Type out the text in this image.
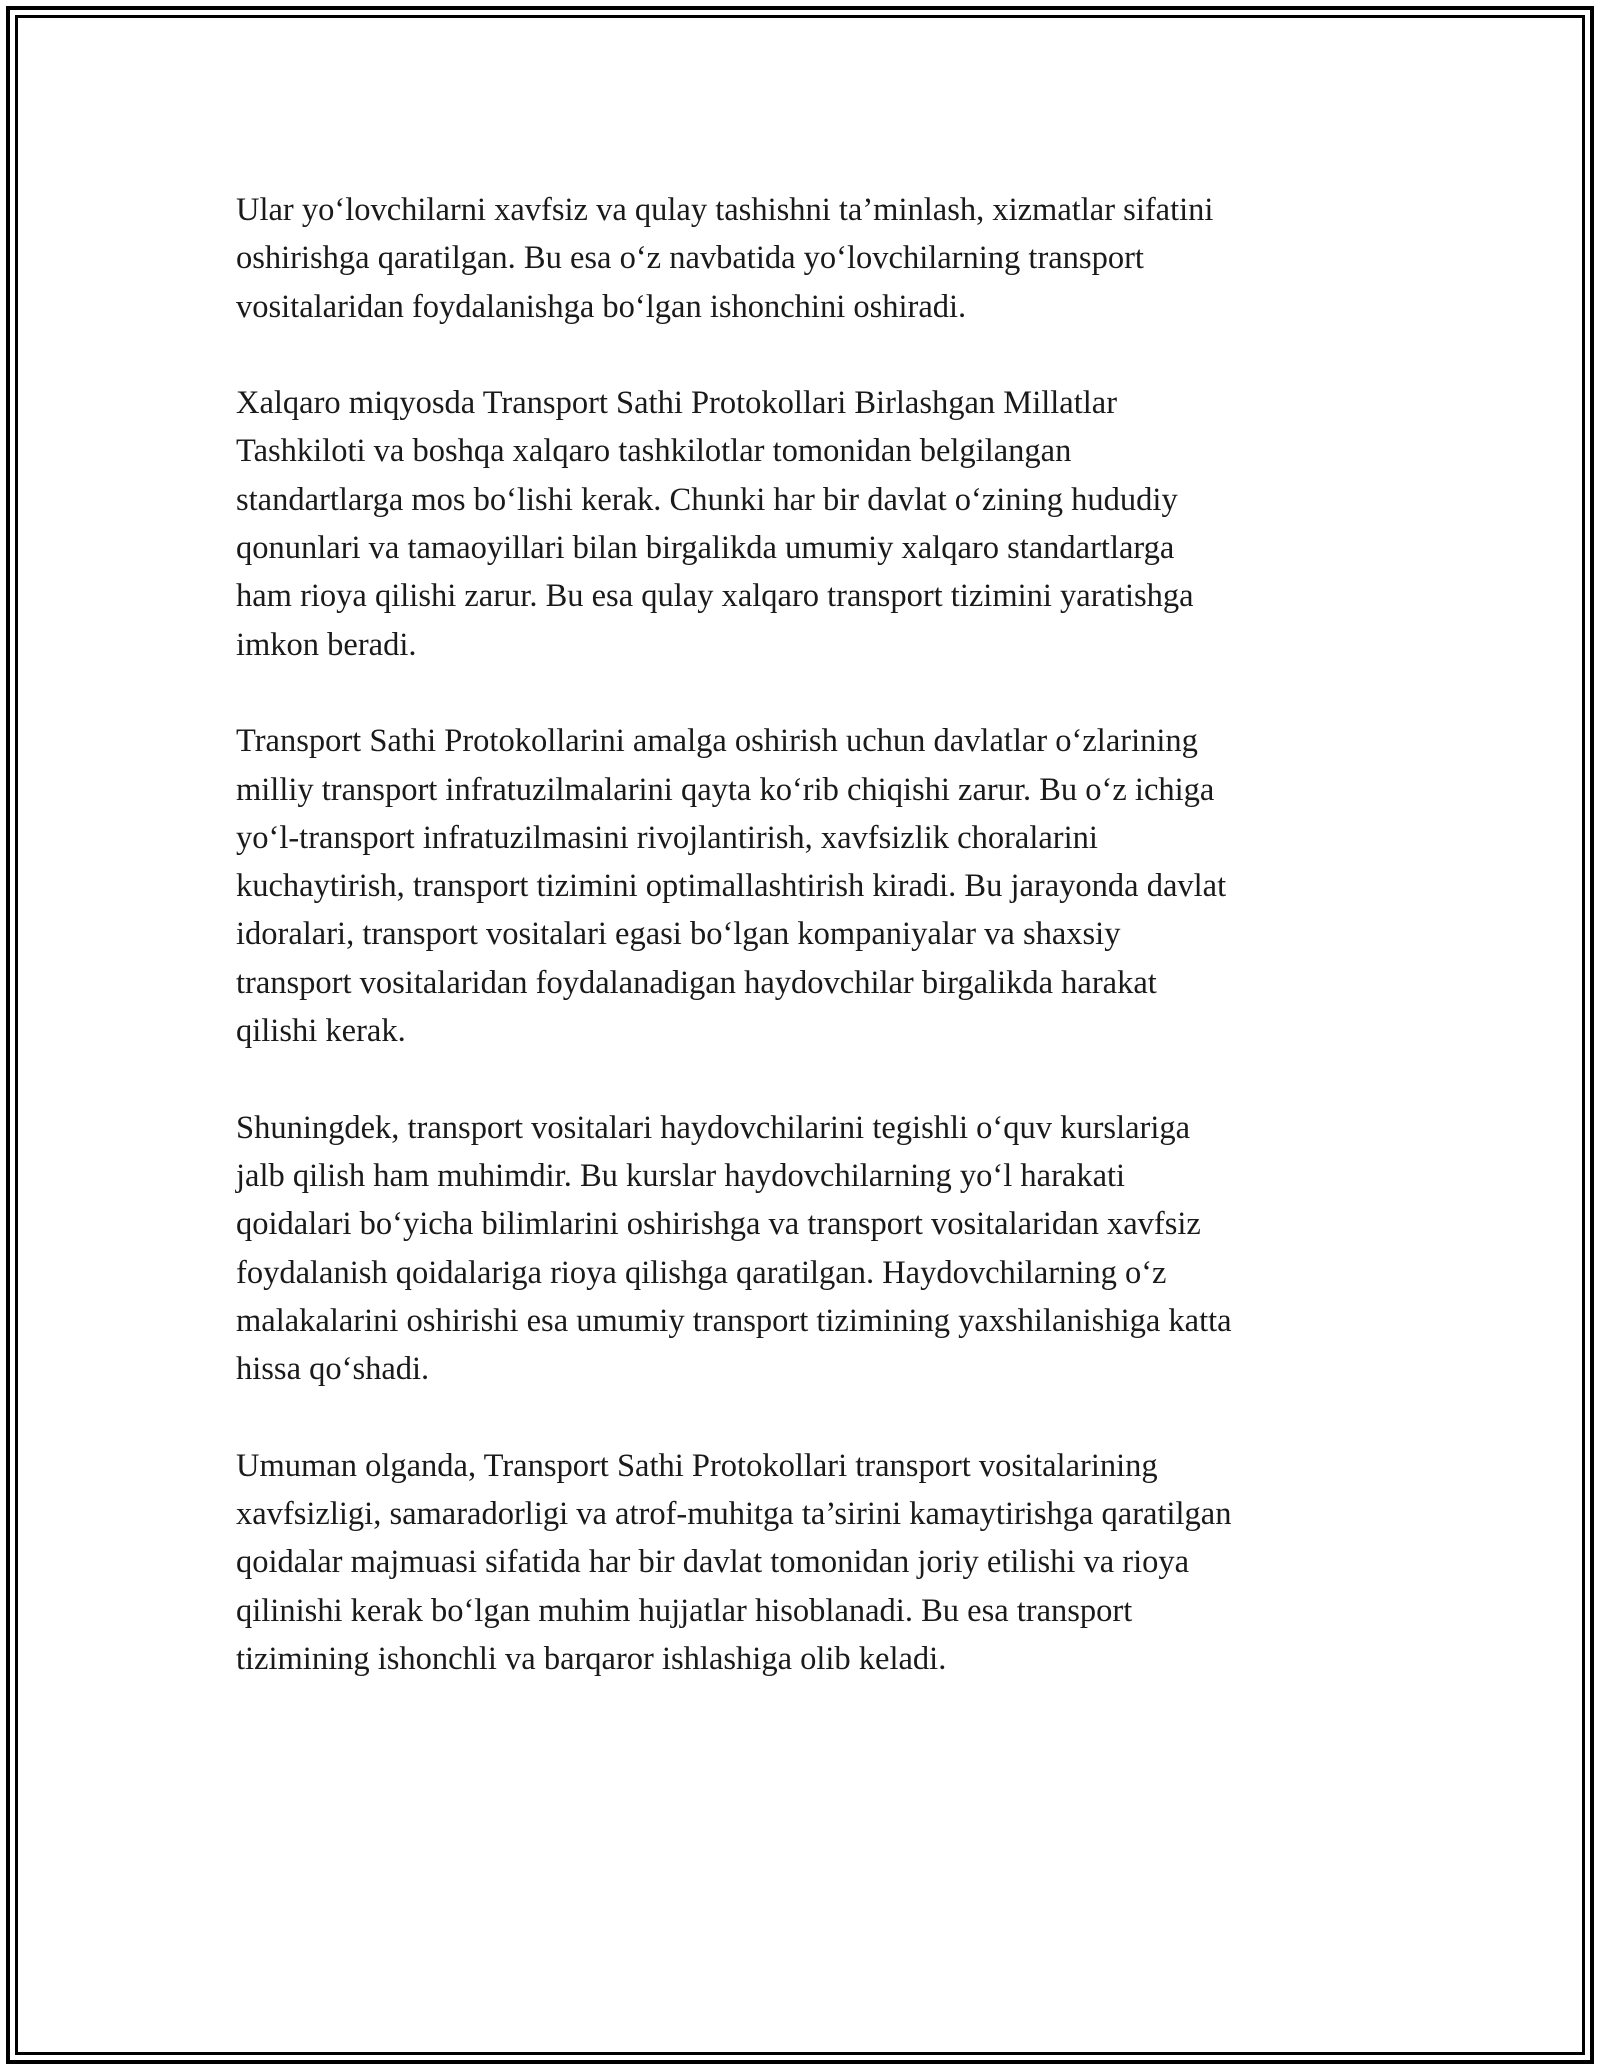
Ular yo‘lovchilarni xavfsiz va qulay tashishni ta’minlash, xizmatlar sifatini
oshirishga qaratilgan. Bu esa o‘z navbatida yo‘lovchilarning transport
vositalaridan foydalanishga bo‘lgan ishonchini oshiradi.

Xalqaro miqyosda Transport Sathi Protokollari Birlashgan Millatlar
Tashkiloti va boshqa xalqaro tashkilotlar tomonidan belgilangan
standartlarga mos bo‘lishi kerak. Chunki har bir davlat o‘zining hududiy
qonunlari va tamaoyillari bilan birgalikda umumiy xalqaro standartlarga
ham rioya qilishi zarur. Bu esa qulay xalqaro transport tizimini yaratishga
imkon beradi.

Transport Sathi Protokollarini amalga oshirish uchun davlatlar o‘zlarining
milliy transport infratuzilmalarini qayta ko‘rib chiqishi zarur. Bu o‘z ichiga
yo‘l-transport infratuzilmasini rivojlantirish, xavfsizlik choralarini
kuchaytirish, transport tizimini optimallashtirish kiradi. Bu jarayonda davlat
idoralari, transport vositalari egasi bo‘lgan kompaniyalar va shaxsiy
transport vositalaridan foydalanadigan haydovchilar birgalikda harakat
qilishi kerak.

Shuningdek, transport vositalari haydovchilarini tegishli o‘quv kurslariga
jalb qilish ham muhimdir. Bu kurslar haydovchilarning yo‘l harakati
qoidalari bo‘yicha bilimlarini oshirishga va transport vositalaridan xavfsiz
foydalanish qoidalariga rioya qilishga qaratilgan. Haydovchilarning o‘z
malakalarini oshirishi esa umumiy transport tizimining yaxshilanishiga katta
hissa qo‘shadi.

Umuman olganda, Transport Sathi Protokollari transport vositalarining
xavfsizligi, samaradorligi va atrof-muhitga ta’sirini kamaytirishga qaratilgan
qoidalar majmuasi sifatida har bir davlat tomonidan joriy etilishi va rioya
qilinishi kerak bo‘lgan muhim hujjatlar hisoblanadi. Bu esa transport
tizimining ishonchli va barqaror ishlashiga olib keladi.
